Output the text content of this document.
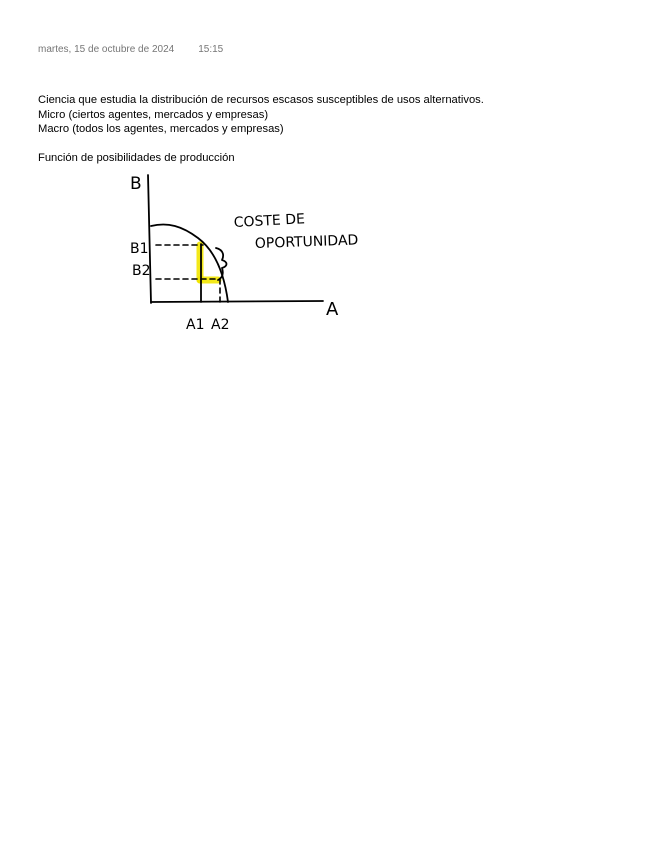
martes, 15 de octubre de 2024 15:15

Ciencia que estudia la distribución de recursos escasos susceptibles de usos alternativos.

Micro (ciertos agentes, mercados y empresas)

Macro (todos los agentes, mercados y empresas)

Función de posibilidades de producción

B
A
B1
B2
A1 A2
COSTE DE
OPORTUNIDAD
